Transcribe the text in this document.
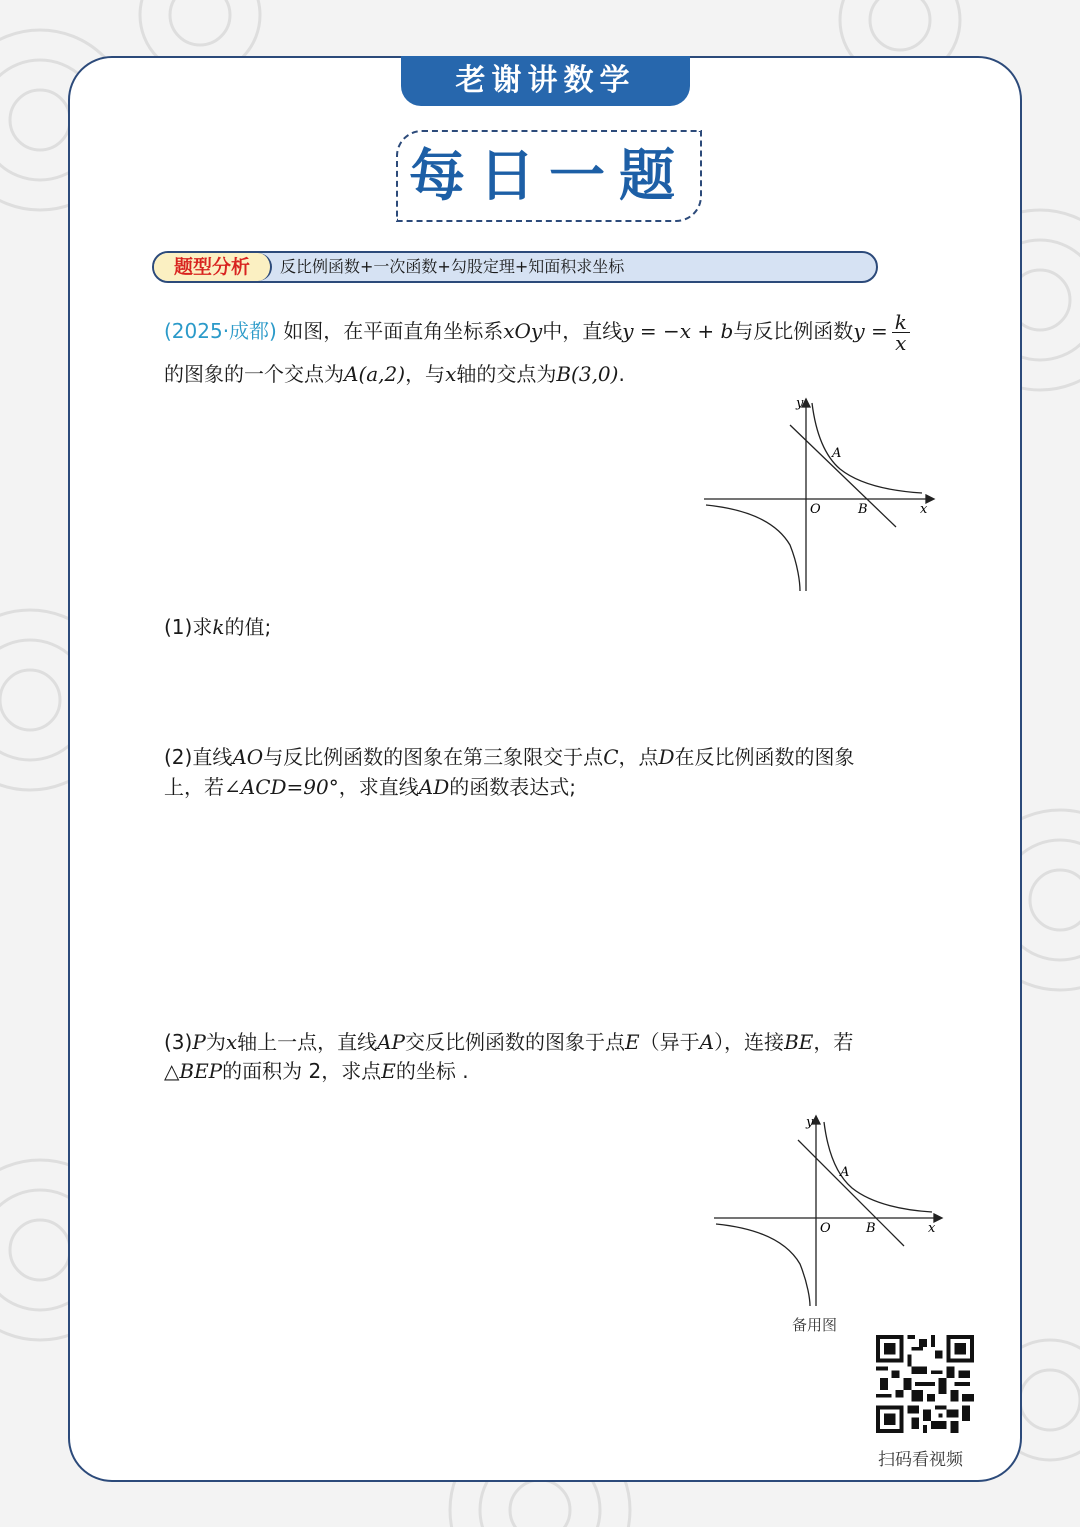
老谢讲数学
每日一题
题型分析	反比例函数+一次函数+勾股定理+知面积求坐标
(2025·成都) 如图，在平面直角坐标系xOy中，直线y = −x + b与反比例函数$y = \frac{k}{x}$
的图象的一个交点为A(a,2)，与x轴的交点为B(3,0).
y
x
O
A
B
(1)求k的值;
(2)直线AO与反比例函数的图象在第三象限交于点C，点D在反比例函数的图象
上，若∠ACD=90°，求直线AD的函数表达式;
(3)P为x轴上一点，直线AP交反比例函数的图象于点E（异于A），连接BE，若
△BEP的面积为 2，求点E的坐标 .
y
x
O
A
B
备用图
扫码看视频
